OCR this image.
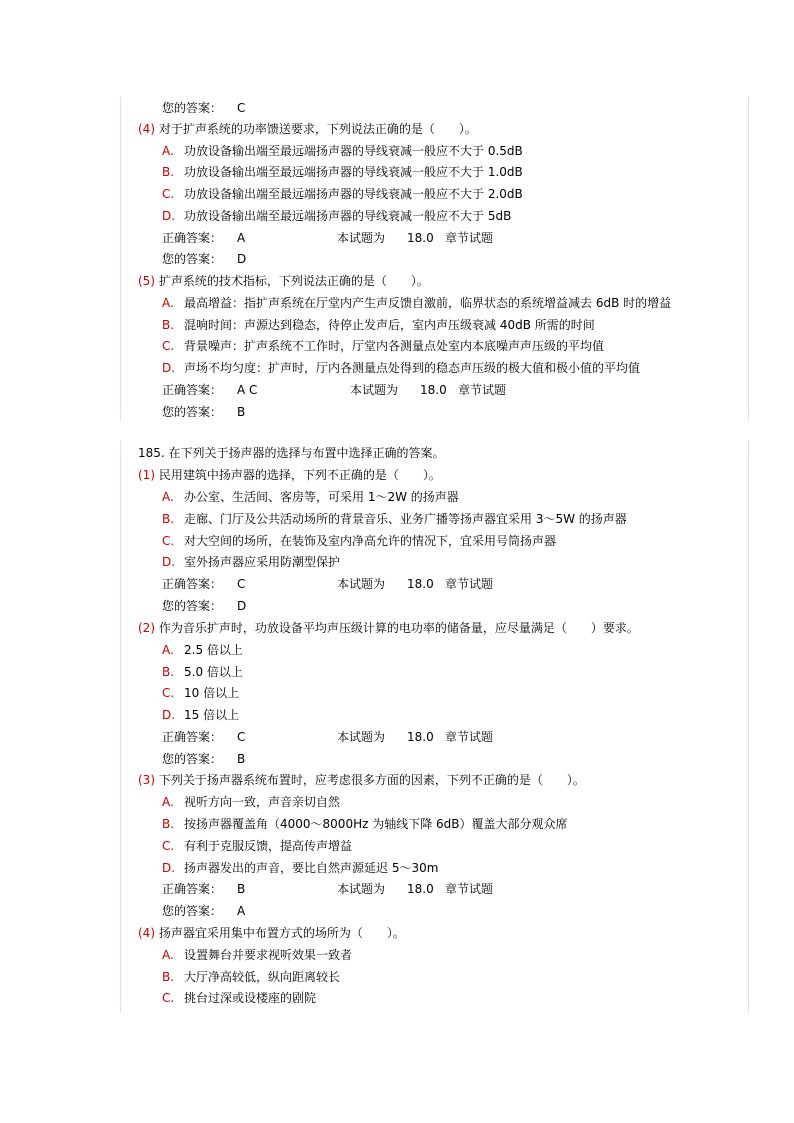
您的答案： C
(4) 对于扩声系统的功率馈送要求，下列说法正确的是（　　）。
A. 功放设备输出端至最远端扬声器的导线衰减一般应不大于 0.5dB
B. 功放设备输出端至最远端扬声器的导线衰减一般应不大于 1.0dB
C. 功放设备输出端至最远端扬声器的导线衰减一般应不大于 2.0dB
D. 功放设备输出端至最远端扬声器的导线衰减一般应不大于 5dB
正确答案： A	本试题为 18.0 章节试题
您的答案： D
(5) 扩声系统的技术指标，下列说法正确的是（　　）。
A. 最高增益：指扩声系统在厅堂内产生声反馈自激前，临界状态的系统增益减去 6dB 时的增益
B. 混响时间：声源达到稳态，待停止发声后，室内声压级衰减 40dB 所需的时间
C. 背景噪声：扩声系统不工作时，厅堂内各测量点处室内本底噪声声压级的平均值
D. 声场不均匀度：扩声时，厅内各测量点处得到的稳态声压级的极大值和极小值的平均值
正确答案： A C	本试题为 18.0 章节试题
您的答案： B
185. 在下列关于扬声器的选择与布置中选择正确的答案。
(1) 民用建筑中扬声器的选择，下列不正确的是（　　）。
A. 办公室、生活间、客房等，可采用 1～2W 的扬声器
B. 走廊、门厅及公共活动场所的背景音乐、业务广播等扬声器宜采用 3～5W 的扬声器
C. 对大空间的场所，在装饰及室内净高允许的情况下，宜采用号筒扬声器
D. 室外扬声器应采用防潮型保护
正确答案： C	本试题为 18.0 章节试题
您的答案： D
(2) 作为音乐扩声时，功放设备平均声压级计算的电功率的储备量，应尽量满足（　　）要求。
A. 2.5 倍以上
B. 5.0 倍以上
C. 10 倍以上
D. 15 倍以上
正确答案： C	本试题为 18.0 章节试题
您的答案： B
(3) 下列关于扬声器系统布置时，应考虑很多方面的因素，下列不正确的是（　　）。
A. 视听方向一致，声音亲切自然
B. 按扬声器覆盖角（4000～8000Hz 为轴线下降 6dB）覆盖大部分观众席
C. 有利于克服反馈，提高传声增益
D. 扬声器发出的声音，要比自然声源延迟 5～30m
正确答案： B	本试题为 18.0 章节试题
您的答案： A
(4) 扬声器宜采用集中布置方式的场所为（　　）。
A. 设置舞台并要求视听效果一致者
B. 大厅净高较低，纵向距离较长
C. 挑台过深或设楼座的剧院
